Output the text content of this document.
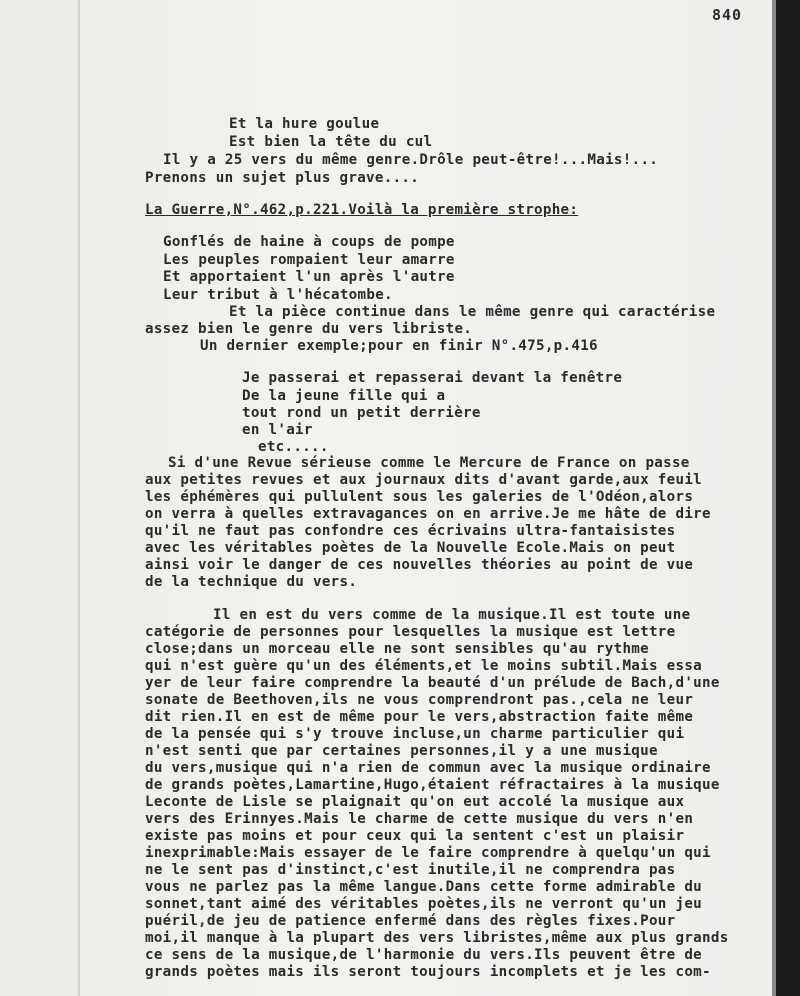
840
Et la hure goulue
Est bien la tête du cul
Il y a 25 vers du même genre.Drôle peut-être!...Mais!...
Prenons un sujet plus grave....
La Guerre,N°.462,p.221.Voilà la première strophe:
Gonflés de haine à coups de pompe
Les peuples rompaient leur amarre
Et apportaient l'un après l'autre
Leur tribut à l'hécatombe.
Et la pièce continue dans le même genre qui caractérise
assez bien le genre du vers libriste.
Un dernier exemple;pour en finir N°.475,p.416
Je passerai et repasserai devant la fenêtre
De la jeune fille qui a
tout rond un petit derrière
en l'air
etc.....
Si d'une Revue sérieuse comme le Mercure de France on passe
aux petites revues et aux journaux dits d'avant garde,aux feuil
les éphémères qui pullulent sous les galeries de l'Odéon,alors
on verra à quelles extravagances on en arrive.Je me hâte de dire
qu'il ne faut pas confondre ces écrivains ultra-fantaisistes
avec les véritables poètes de la Nouvelle Ecole.Mais on peut
ainsi voir le danger de ces nouvelles théories au point de vue
de la technique du vers.
Il en est du vers comme de la musique.Il est toute une
catégorie de personnes pour lesquelles la musique est lettre
close;dans un morceau elle ne sont sensibles qu'au rythme
qui n'est guère qu'un des éléments,et le moins subtil.Mais essa
yer de leur faire comprendre la beauté d'un prélude de Bach,d'une
sonate de Beethoven,ils ne vous comprendront pas.,cela ne leur
dit rien.Il en est de même pour le vers,abstraction faite même
de la pensée qui s'y trouve incluse,un charme particulier qui
n'est senti que par certaines personnes,il y a une musique
du vers,musique qui n'a rien de commun avec la musique ordinaire
de grands poètes,Lamartine,Hugo,étaient réfractaires à la musique
Leconte de Lisle se plaignait qu'on eut accolé la musique aux
vers des Erinnyes.Mais le charme de cette musique du vers n'en
existe pas moins et pour ceux qui la sentent c'est un plaisir
inexprimable:Mais essayer de le faire comprendre à quelqu'un qui
ne le sent pas d'instinct,c'est inutile,il ne comprendra pas
vous ne parlez pas la même langue.Dans cette forme admirable du
sonnet,tant aimé des véritables poètes,ils ne verront qu'un jeu
puéril,de jeu de patience enfermé dans des règles fixes.Pour
moi,il manque à la plupart des vers libristes,même aux plus grands
ce sens de la musique,de l'harmonie du vers.Ils peuvent être de
grands poètes mais ils seront toujours incomplets et je les com-
